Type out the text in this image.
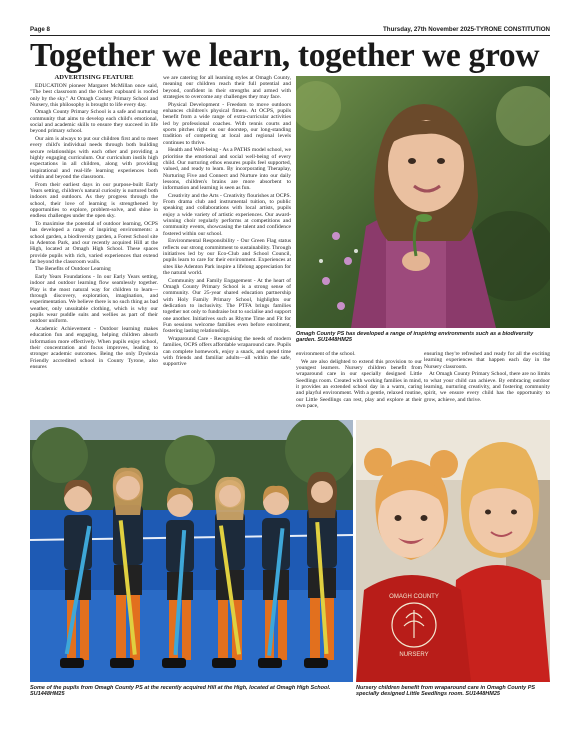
Page 8	Thursday, 27th November 2025-TYRONE CONSTITUTION
Together we learn, together we grow

ADVERTISING FEATURE

EDUCATION pioneer Margaret McMillan once said, "The best classroom and the richest cupboard is roofed only by the sky." At Omagh County Primary School and Nursery, this philosophy is brought to life every day.

Omagh County Primary School is a safe and nurturing community that aims to develop each child's emotional, social and academic skills to ensure they succeed in life beyond primary school.

Our aim is always to put our children first and to meet every child's individual needs through both building secure relationships with each other and providing a highly engaging curriculum. Our curriculum instils high expectations in all children, along with providing inspirational and real-life learning experiences both within and beyond the classroom.

From their earliest days in our purpose-built Early Years setting, children's natural curiosity is nurtured both indoors and outdoors. As they progress through the school, their love of learning is strengthened by opportunities to explore, problem-solve, and shine in endless challenges under the open sky.

To maximise the potential of outdoor learning, OCPS has developed a range of inspiring environments: a school garden, a biodiversity garden, a Forest School site in Adenton Park, and our recently acquired Hill at the High, located at Omagh High School. These spaces provide pupils with rich, varied experiences that extend far beyond the classroom walls.

The Benefits of Outdoor Learning

Early Years Foundations - In our Early Years setting, indoor and outdoor learning flow seamlessly together. Play is the most natural way for children to learn—through discovery, exploration, imagination, and experimentation. We believe there is no such thing as bad weather, only unsuitable clothing, which is why our pupils wear puddle suits and wellies as part of their outdoor uniform.

Academic Achievement - Outdoor learning makes education fun and engaging, helping children absorb information more effectively. When pupils enjoy school, their concentration and focus improves, leading to stronger academic outcomes. Being the only Dyslexia Friendly accredited school in County Tyrone, also ensures

we are catering for all learning styles at Omagh County, meaning our children reach their full potential and beyond, confident in their strengths and armed with strategies to overcome any challenges they may face.

Physical Development - Freedom to move outdoors enhances children's physical fitness. At OCPS, pupils benefit from a wide range of extra-curricular activities led by professional coaches. With tennis courts and sports pitches right on our doorstep, our long-standing tradition of competing at local and regional levels continues to thrive.

Health and Well-being - As a PATHS model school, we prioritise the emotional and social well-being of every child. Our nurturing ethos ensures pupils feel supported, valued, and ready to learn. By incorporating Theraplay, Nurturing Five and Connect and Nurture into our daily lessons, children's brains are more absorbent to information and learning is seen as fun.

Creativity and the Arts - Creativity flourishes at OCPS. From drama club and instrumental tuition, to public speaking and collaborations with local artists, pupils enjoy a wide variety of artistic experiences. Our award-winning choir regularly performs at competitions and community events, showcasing the talent and confidence fostered within our school.

Environmental Responsibility - Our Green Flag status reflects our strong commitment to sustainability. Through initiatives led by our Eco-Club and School Council, pupils learn to care for their environment. Experiences at sites like Adenton Park inspire a lifelong appreciation for the natural world.

Community and Family Engagement - At the heart of Omagh County Primary School is a strong sense of community. Our 25-year shared education partnership with Holy Family Primary School, highlights our dedication to inclusivity. The PTFA brings families together not only to fundraise but to socialise and support one another. Initiatives such as Rhyme Time and Fit for Fun sessions welcome families even before enrolment, fostering lasting relationships.

Wraparound Care - Recognising the needs of modern families, OCPS offers affordable wraparound care. Pupils can complete homework, enjoy a snack, and spend time with friends and familiar adults—all within the safe, supportive

Omagh County PS has developed a range of inspiring environments such as a biodiversity garden. SU1448HM25

environment of the school.

We are also delighted to extend this provision to our youngest learners. Nursery children benefit from wraparound care in our specially designed Little Seedlings room. Created with working families in mind, it provides an extended school day in a warm, caring and playful environment. With a gentle, relaxed routine, our Little Seedlings can rest, play and explore at their own pace,

ensuring they're refreshed and ready for all the exciting learning experiences that happen each day in the Nursery classroom.

At Omagh County Primary School, there are no limits to what your child can achieve. By embracing outdoor learning, nurturing creativity, and fostering community spirit, we ensure every child has the opportunity to grow, achieve, and thrive.

Some of the pupils from Omagh County PS at the recently acquired Hill at the High, located at Omagh High School. SU1448HM25
OMAGH COUNTY
NURSERY
Nursery children benefit from wraparound care in Omagh County PS specially designed Little Seedlings room. SU1448HM25
